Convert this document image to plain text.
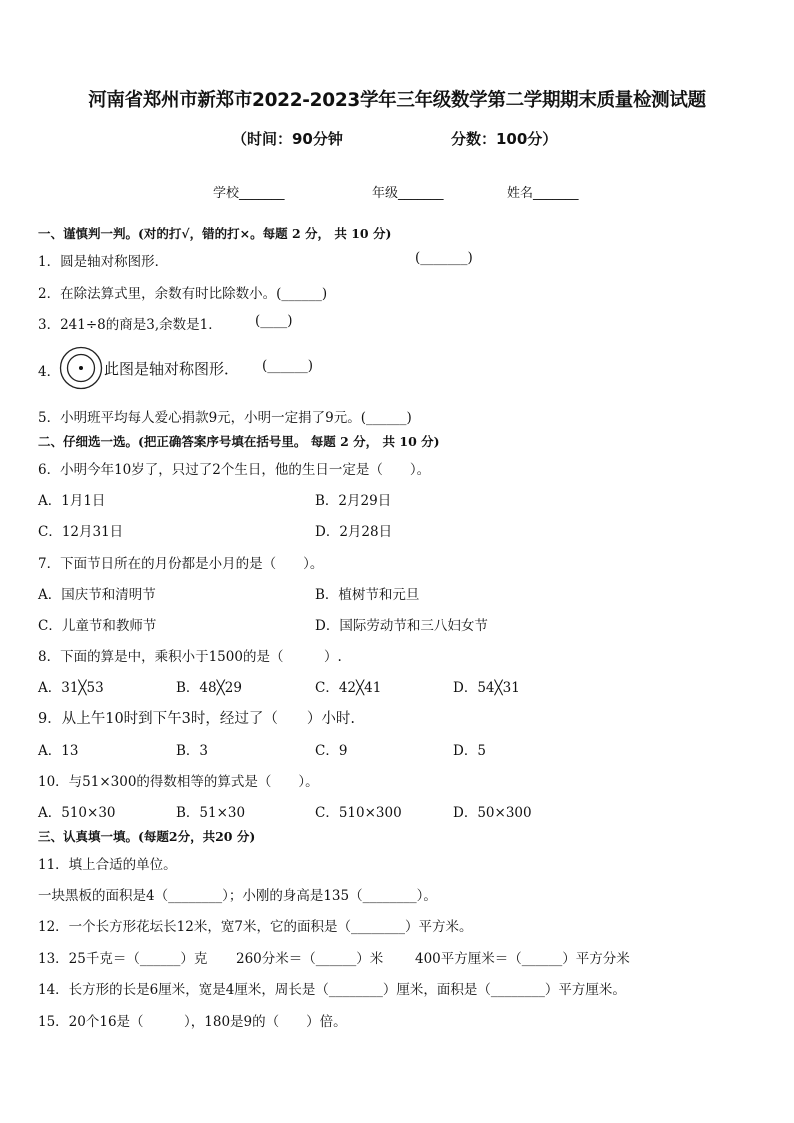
河南省郑州市新郑市2022-2023学年三年级数学第二学期期末质量检测试题
（时间：90分钟	分数：100分）
学校_______	年级_______	姓名_______
一、谨慎判一判。(对的打√，错的打×。每题 2 分， 共 10 分)
1．圆是轴对称图形．	(_______)
2．在除法算式里，余数有时比除数小。(______)
3．241÷8的商是3,余数是1． (____)
4．	此图是轴对称图形． (______)
5．小明班平均每人爱心捐款9元，小明一定捐了9元。(______)
二、仔细选一选。(把正确答案序号填在括号里。 每题 2 分， 共 10 分)
6．小明今年10岁了，只过了2个生日，他的生日一定是（　　）。
A．1月1日	B．2月29日
C．12月31日	D．2月28日
7．下面节日所在的月份都是小月的是（　　）。
A．国庆节和清明节	B．植树节和元旦
C．儿童节和教师节	D．国际劳动节和三八妇女节
8．下面的算是中，乘积小于1500的是（　　　）.
A．31╳53	B．48╳29	C．42╳41	D．54╳31
9．从上午10时到下午3时，经过了（　　）小时.
A．13	B．3	C．9	D．5
10．与51×300的得数相等的算式是（　　）。
A．510×30	B．51×30	C．510×300	D．50×300
三、认真填一填。(每题2分，共20 分)
11．填上合适的单位。
一块黑板的面积是4（________）；小刚的身高是135（________）。
12．一个长方形花坛长12米，宽7米，它的面积是（________）平方米。
13．25千克＝（______）克 260分米＝（______）米 400平方厘米＝（______）平方分米
14．长方形的长是6厘米，宽是4厘米，周长是（________）厘米，面积是（________）平方厘米。
15．20个16是（　　　），180是9的（　　）倍。
